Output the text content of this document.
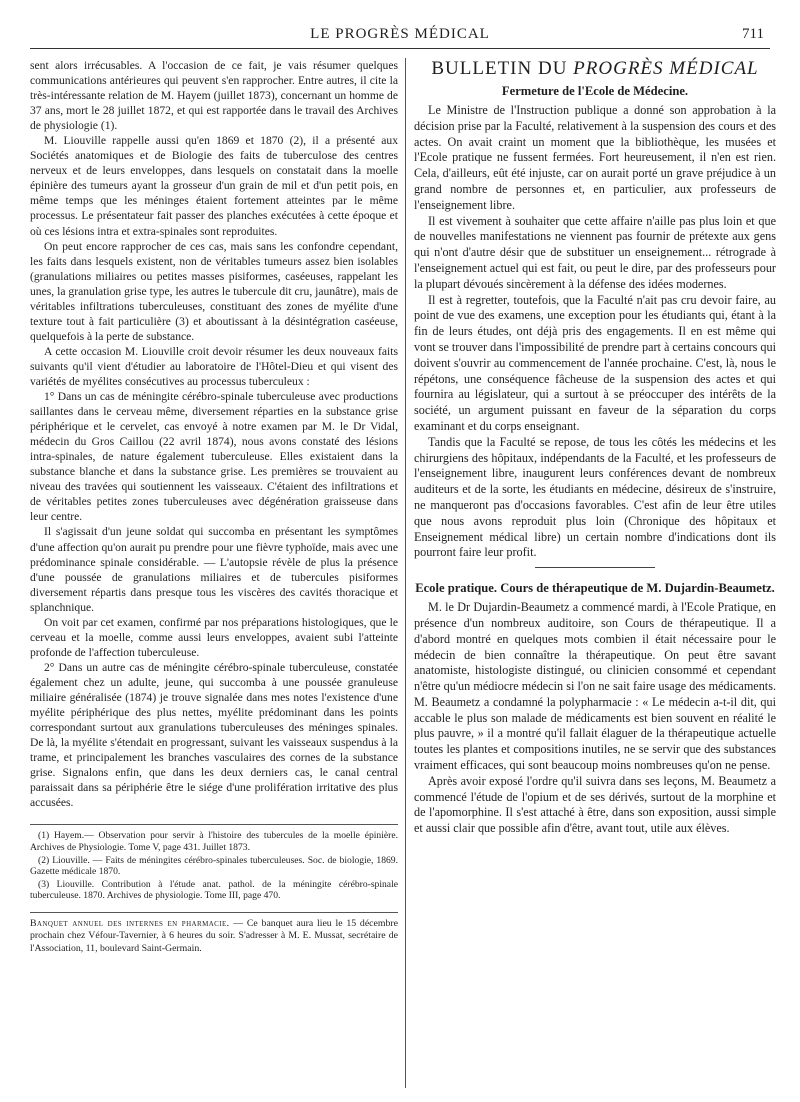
LE PROGRÈS MÉDICAL	711

sent alors irrécusables. A l'occasion de ce fait, je vais résumer quelques communications antérieures qui peuvent s'en rapprocher. Entre autres, il cite la très-intéressante relation de M. Hayem (juillet 1873), concernant un homme de 37 ans, mort le 28 juillet 1872, et qui est rapportée dans le travail des Archives de physiologie (1).

M. Liouville rappelle aussi qu'en 1869 et 1870 (2), il a présenté aux Sociétés anatomiques et de Biologie des faits de tuberculose des centres nerveux et de leurs enveloppes, dans lesquels on constatait dans la moelle épinière des tumeurs ayant la grosseur d'un grain de mil et d'un petit pois, en même temps que les méninges étaient fortement atteintes par le même processus. Le présentateur fait passer des planches exécutées à cette époque et où ces lésions intra et extra-spinales sont reproduites.

On peut encore rapprocher de ces cas, mais sans les confondre cependant, les faits dans lesquels existent, non de véritables tumeurs assez bien isolables (granulations miliaires ou petites masses pisiformes, caséeuses, rappelant les unes, la granulation grise type, les autres le tubercule dit cru, jaunâtre), mais de véritables infiltrations tuberculeuses, constituant des zones de myélite d'une texture tout à fait particulière (3) et aboutissant à la désintégration caséeuse, quelquefois à la perte de substance.

A cette occasion M. Liouville croit devoir résumer les deux nouveaux faits suivants qu'il vient d'étudier au laboratoire de l'Hôtel-Dieu et qui visent des variétés de myélites consécutives au processus tuberculeux :

1° Dans un cas de méningite cérébro-spinale tuberculeuse avec productions saillantes dans le cerveau même, diversement réparties en la substance grise périphérique et le cervelet, cas envoyé à notre examen par M. le Dr Vidal, médecin du Gros Caillou (22 avril 1874), nous avons constaté des lésions intra-spinales, de nature également tuberculeuse. Elles existaient dans la substance blanche et dans la substance grise. Les premières se trouvaient au niveau des travées qui soutiennent les vaisseaux. C'étaient des infiltrations et de véritables petites zones tuberculeuses avec dégénération graisseuse dans leur centre.

Il s'agissait d'un jeune soldat qui succomba en présentant les symptômes d'une affection qu'on aurait pu prendre pour une fièvre typhoïde, mais avec une prédominance spinale considérable. — L'autopsie révèle de plus la présence d'une poussée de granulations miliaires et de tubercules pisiformes diversement répartis dans presque tous les viscères des cavités thoracique et splanchnique.

On voit par cet examen, confirmé par nos préparations histologiques, que le cerveau et la moelle, comme aussi leurs enveloppes, avaient subi l'atteinte profonde de l'affection tuberculeuse.

2° Dans un autre cas de méningite cérébro-spinale tuberculeuse, constatée également chez un adulte, jeune, qui succomba à une poussée granuleuse miliaire généralisée (1874) je trouve signalée dans mes notes l'existence d'une myélite périphérique des plus nettes, myélite prédominant dans les points correspondant surtout aux granulations tuberculeuses des méninges spinales. De là, la myélite s'étendait en progressant, suivant les vaisseaux suspendus à la trame, et principalement les branches vasculaires des cornes de la substance grise. Signalons enfin, que dans les deux derniers cas, le canal central paraissait dans sa périphérie être le siége d'une prolifération irritative des plus accusées.

(1) Hayem.— Observation pour servir à l'histoire des tubercules de la moelle épinière. Archives de Physiologie. Tome V, page 431. Juillet 1873.

(2) Liouville. — Faits de méningites cérébro-spinales tuberculeuses. Soc. de biologie, 1869. Gazette médicale 1870.

(3) Liouville. Contribution à l'étude anat. pathol. de la méningite cérébro-spinale tuberculeuse. 1870. Archives de physiologie. Tome III, page 470.

Banquet annuel des internes en pharmacie. — Ce banquet aura lieu le 15 décembre prochain chez Véfour-Tavernier, à 6 heures du soir. S'adresser à M. E. Mussat, secrétaire de l'Association, 11, boulevard Saint-Germain.
BULLETIN DU PROGRÈS MÉDICAL
Fermeture de l'Ecole de Médecine.

Le Ministre de l'Instruction publique a donné son approbation à la décision prise par la Faculté, relativement à la suspension des cours et des actes. On avait craint un moment que la bibliothèque, les musées et l'Ecole pratique ne fussent fermées. Fort heureusement, il n'en est rien. Cela, d'ailleurs, eût été injuste, car on aurait porté un grave préjudice à un grand nombre de personnes et, en particulier, aux professeurs de l'enseignement libre.

Il est vivement à souhaiter que cette affaire n'aille pas plus loin et que de nouvelles manifestations ne viennent pas fournir de prétexte aux gens qui n'ont d'autre désir que de substituer un enseignement... rétrograde à l'enseignement actuel qui est fait, ou peut le dire, par des professeurs pour la plupart dévoués sincèrement à la défense des idées modernes.

Il est à regretter, toutefois, que la Faculté n'ait pas cru devoir faire, au point de vue des examens, une exception pour les étudiants qui, étant à la fin de leurs études, ont déjà pris des engagements. Il en est même qui vont se trouver dans l'impossibilité de prendre part à certains concours qui doivent s'ouvrir au commencement de l'année prochaine. C'est, là, nous le répétons, une conséquence fâcheuse de la suspension des actes et qui fournira au législateur, qui a surtout à se préoccuper des intérêts de la société, un argument puissant en faveur de la séparation du corps examinant et du corps enseignant.

Tandis que la Faculté se repose, de tous les côtés les médecins et les chirurgiens des hôpitaux, indépendants de la Faculté, et les professeurs de l'enseignement libre, inaugurent leurs conférences devant de nombreux auditeurs et de la sorte, les étudiants en médecine, désireux de s'instruire, ne manqueront pas d'occasions favorables. C'est afin de leur être utiles que nous avons reproduit plus loin (Chronique des hôpitaux et Enseignement médical libre) un certain nombre d'indications dont ils pourront faire leur profit.

Ecole pratique. Cours de thérapeutique de M. Dujardin-Beaumetz.

M. le Dr Dujardin-Beaumetz a commencé mardi, à l'Ecole Pratique, en présence d'un nombreux auditoire, son Cours de thérapeutique. Il a d'abord montré en quelques mots combien il était nécessaire pour le médecin de bien connaître la thérapeutique. On peut être savant anatomiste, histologiste distingué, ou clinicien consommé et cependant n'être qu'un médiocre médecin si l'on ne sait faire usage des médicaments. M. Beaumetz a condamné la polypharmacie : « Le médecin a-t-il dit, qui accable le plus son malade de médicaments est bien souvent en réalité le plus pauvre, » il a montré qu'il fallait élaguer de la thérapeutique actuelle toutes les plantes et compositions inutiles, ne se servir que des substances vraiment efficaces, qui sont beaucoup moins nombreuses qu'on ne pense.

Après avoir exposé l'ordre qu'il suivra dans ses leçons, M. Beaumetz a commencé l'étude de l'opium et de ses dérivés, surtout de la morphine et de l'apomorphine. Il s'est attaché à être, dans son exposition, aussi simple et aussi clair que possible afin d'être, avant tout, utile aux élèves.
